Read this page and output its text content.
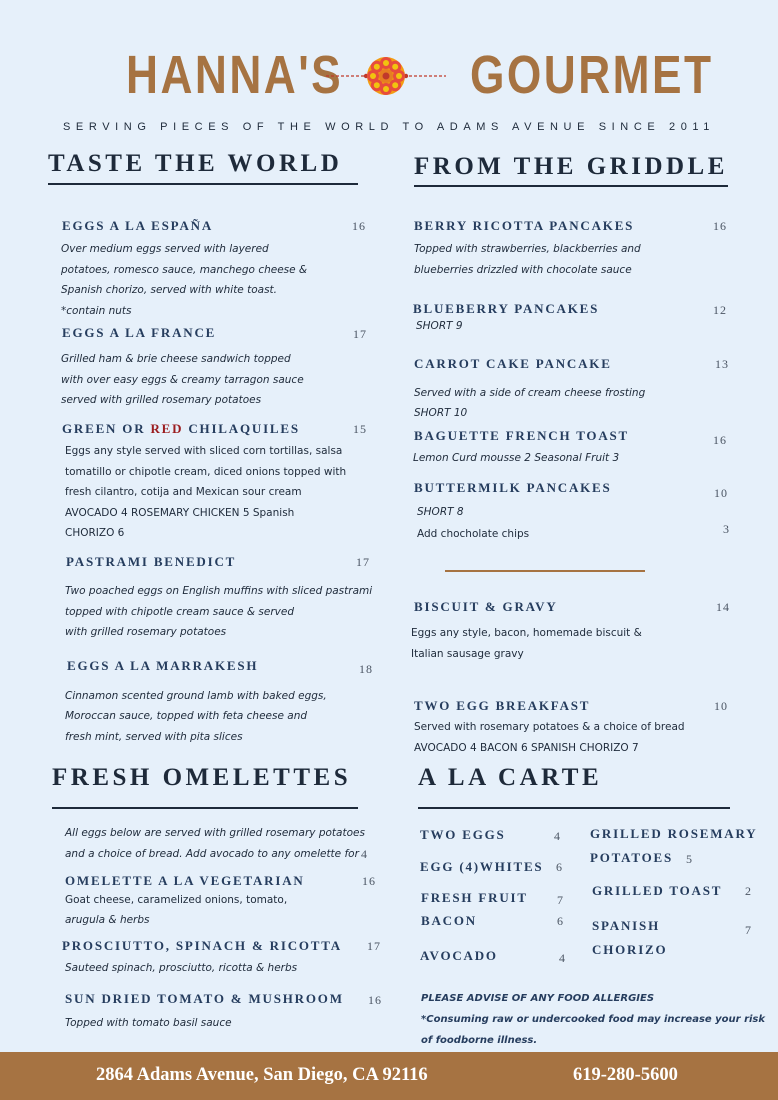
HANNA'S GOURMET
SERVING PIECES OF THE WORLD TO ADAMS AVENUE SINCE 2011
TASTE THE WORLD
EGGS A LA ESPAÑA	16
Over medium eggs served with layered
potatoes, romesco sauce, manchego cheese &
Spanish chorizo, served with white toast.
*contain nuts
EGGS A LA FRANCE	17
Grilled ham & brie cheese sandwich topped
with over easy eggs & creamy tarragon sauce
served with grilled rosemary potatoes
GREEN OR RED CHILAQUILES	15
Eggs any style served with sliced corn tortillas, salsa
tomatillo or chipotle cream, diced onions topped with
fresh cilantro, cotija and Mexican sour cream
AVOCADO 4 ROSEMARY CHICKEN 5 Spanish
CHORIZO 6
PASTRAMI BENEDICT	17
Two poached eggs on English muffins with sliced pastrami
topped with chipotle cream sauce & served
with grilled rosemary potatoes
EGGS A LA MARRAKESH	18
Cinnamon scented ground lamb with baked eggs,
Moroccan sauce, topped with feta cheese and
fresh mint, served with pita slices
FROM THE GRIDDLE
BERRY RICOTTA PANCAKES	16
Topped with strawberries, blackberries and
blueberries drizzled with chocolate sauce
BLUEBERRY PANCAKES	12
SHORT 9
CARROT CAKE PANCAKE	13
Served with a side of cream cheese frosting
SHORT 10
BAGUETTE FRENCH TOAST	16
Lemon Curd mousse 2 Seasonal Fruit 3
BUTTERMILK PANCAKES	10
SHORT 8
Add chocholate chips	3
BISCUIT & GRAVY	14
Eggs any style, bacon, homemade biscuit &
Italian sausage gravy
TWO EGG BREAKFAST	10
Served with rosemary potatoes & a choice of bread
AVOCADO 4 BACON 6 SPANISH CHORIZO 7
FRESH OMELETTES
All eggs below are served with grilled rosemary potatoes
and a choice of bread. Add avocado to any omelette for 4
OMELETTE A LA VEGETARIAN	16
Goat cheese, caramelized onions, tomato,
arugula & herbs
PROSCIUTTO, SPINACH & RICOTTA 17
Sauteed spinach, prosciutto, ricotta & herbs
SUN DRIED TOMATO & MUSHROOM 16
Topped with tomato basil sauce
A LA CARTE
TWO EGGS	4
EGG (4)WHITES 6
FRESH FRUIT 7
BACON	6
AVOCADO	4
GRILLED ROSEMARY
POTATOES 5
GRILLED TOAST 2
SPANISH
CHORIZO
7
PLEASE ADVISE OF ANY FOOD ALLERGIES
*Consuming raw or undercooked food may increase your risk
of foodborne illness.
2864 Adams Avenue, San Diego, CA 92116	619-280-5600
